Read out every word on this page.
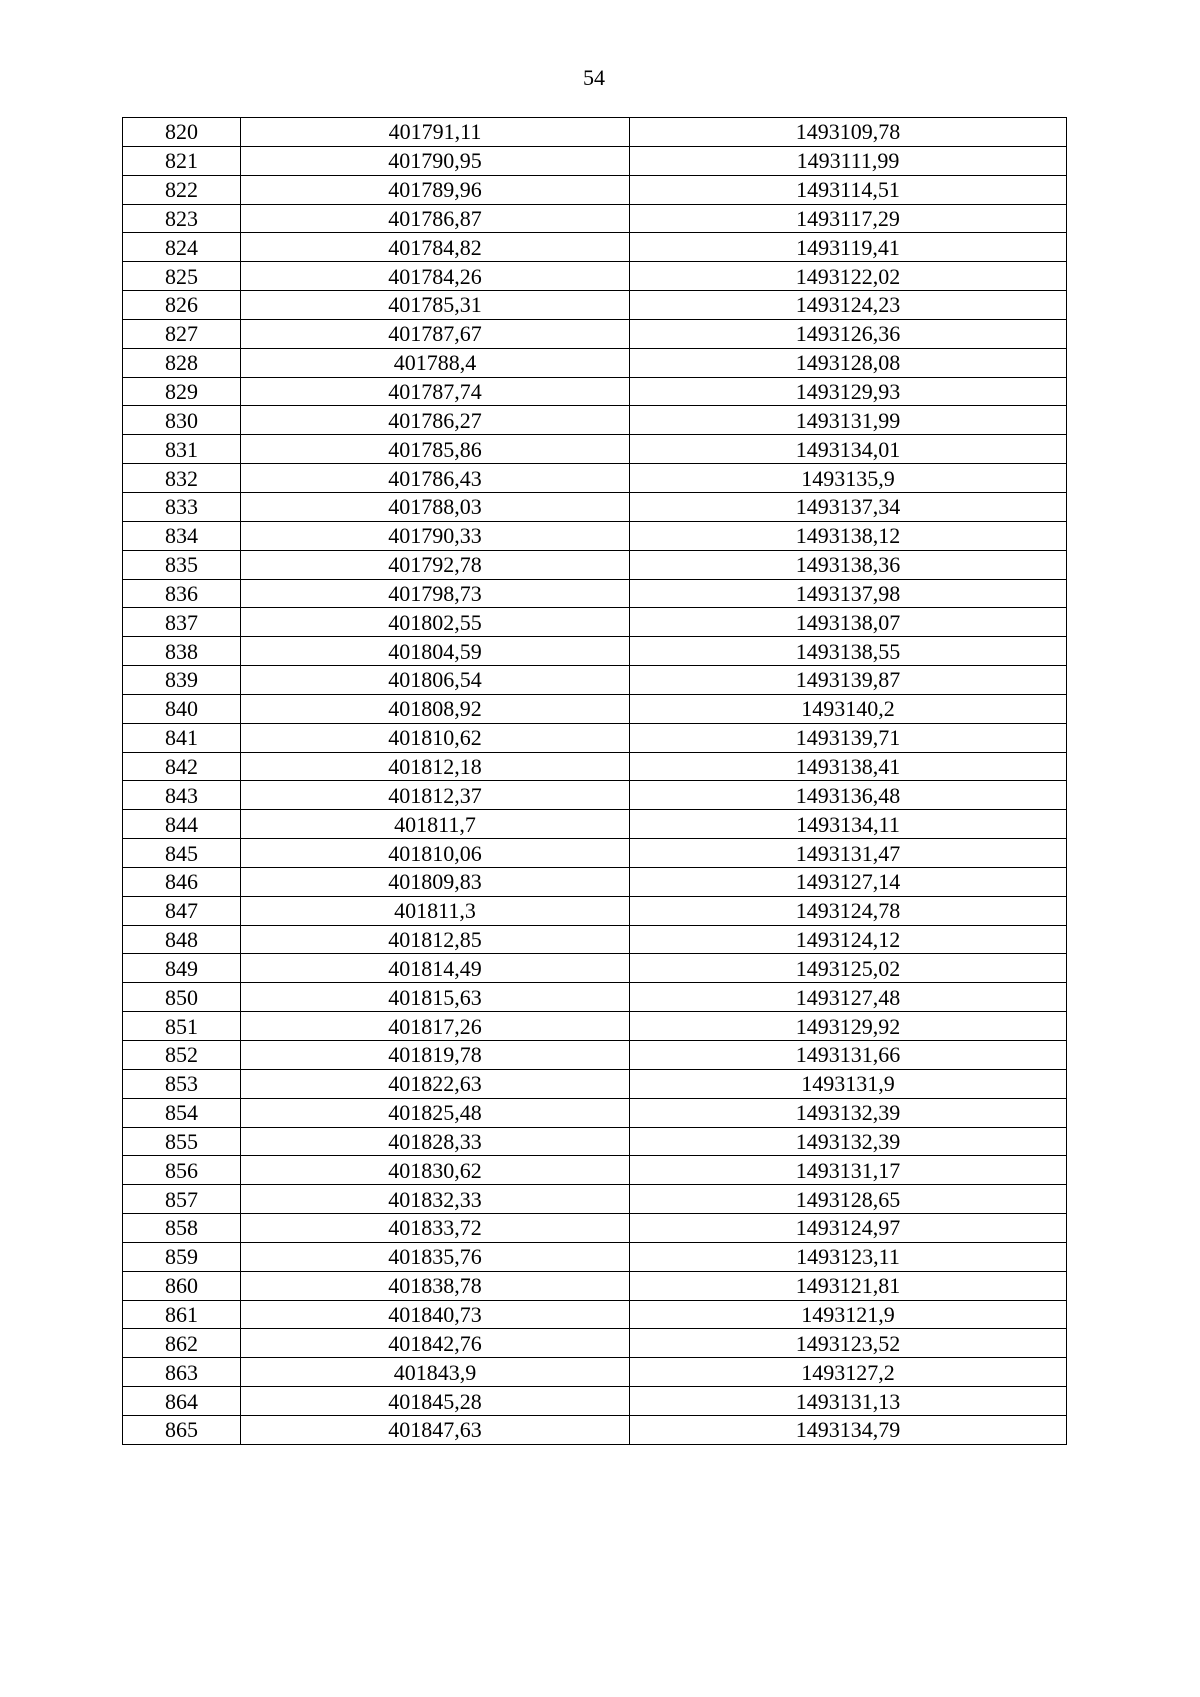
54
820	401791,11	1493109,78
821	401790,95	1493111,99
822	401789,96	1493114,51
823	401786,87	1493117,29
824	401784,82	1493119,41
825	401784,26	1493122,02
826	401785,31	1493124,23
827	401787,67	1493126,36
828	401788,4	1493128,08
829	401787,74	1493129,93
830	401786,27	1493131,99
831	401785,86	1493134,01
832	401786,43	1493135,9
833	401788,03	1493137,34
834	401790,33	1493138,12
835	401792,78	1493138,36
836	401798,73	1493137,98
837	401802,55	1493138,07
838	401804,59	1493138,55
839	401806,54	1493139,87
840	401808,92	1493140,2
841	401810,62	1493139,71
842	401812,18	1493138,41
843	401812,37	1493136,48
844	401811,7	1493134,11
845	401810,06	1493131,47
846	401809,83	1493127,14
847	401811,3	1493124,78
848	401812,85	1493124,12
849	401814,49	1493125,02
850	401815,63	1493127,48
851	401817,26	1493129,92
852	401819,78	1493131,66
853	401822,63	1493131,9
854	401825,48	1493132,39
855	401828,33	1493132,39
856	401830,62	1493131,17
857	401832,33	1493128,65
858	401833,72	1493124,97
859	401835,76	1493123,11
860	401838,78	1493121,81
861	401840,73	1493121,9
862	401842,76	1493123,52
863	401843,9	1493127,2
864	401845,28	1493131,13
865	401847,63	1493134,79
